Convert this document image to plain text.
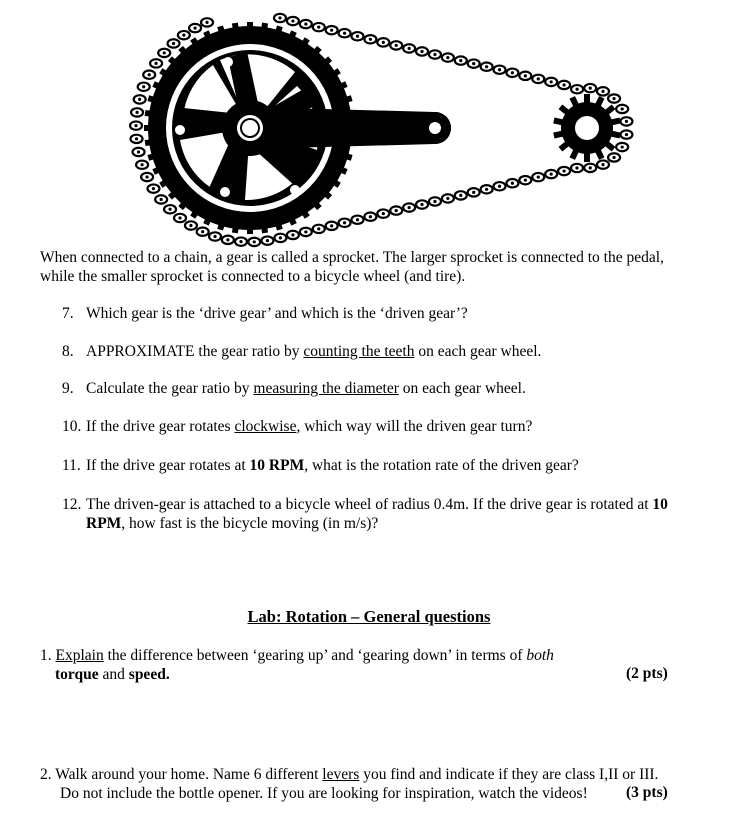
When connected to a chain, a gear is called a sprocket. The larger sprocket is connected to the pedal,
while the smaller sprocket is connected to a bicycle wheel (and tire).
7. Which gear is the ‘drive gear’ and which is the ‘driven gear’?
8. APPROXIMATE the gear ratio by counting the teeth on each gear wheel.
9. Calculate the gear ratio by measuring the diameter on each gear wheel.
10. If the drive gear rotates clockwise, which way will the driven gear turn?
11. If the drive gear rotates at 10 RPM, what is the rotation rate of the driven gear?
12. The driven-gear is attached to a bicycle wheel of radius 0.4m. If the drive gear is rotated at 10
RPM, how fast is the bicycle moving (in m/s)?
Lab: Rotation – General questions
1. Explain the difference between ‘gearing up’ and ‘gearing down’ in terms of both
torque and speed.	(2 pts)
2. Walk around your home. Name 6 different levers you find and indicate if they are class I,II or III.
Do not include the bottle opener. If you are looking for inspiration, watch the videos!	(3 pts)
